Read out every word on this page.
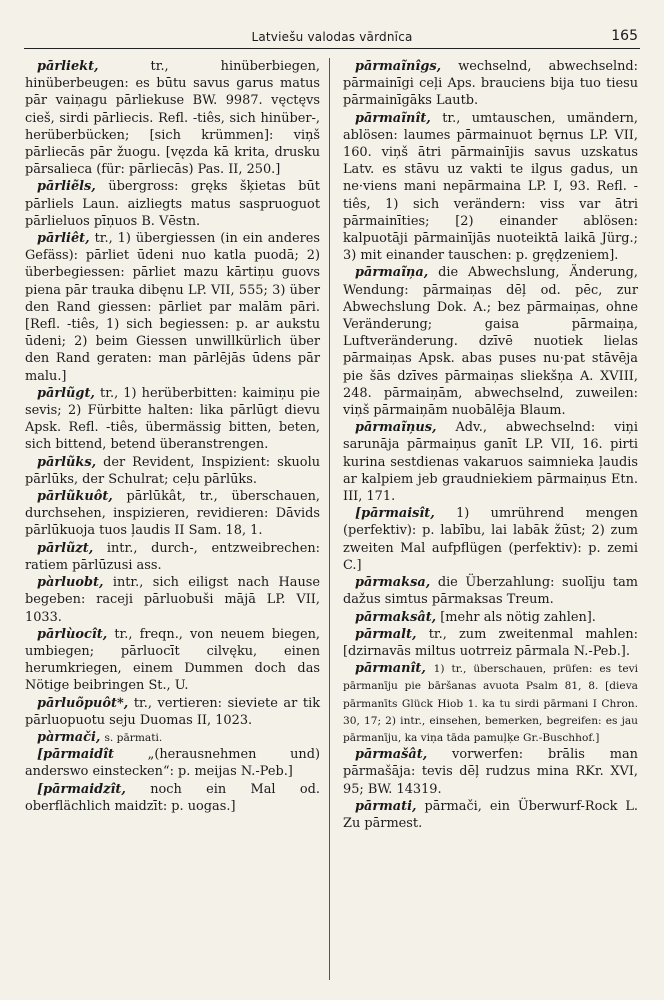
Latviešu valodas vārdnīca	165

pārliekt,	tr., hinüberbiegen, hinüberbeugen: es būtu savus garus matus pār vaiņagu pārliekuse BW. 9987. vęctęvs cieš, sirdi pārliecis. Refl. -tiês, sich hinüber-, herüberbücken; [sich krümmen]: viņš pārliecās pār žuogu. [vęzda kā krita, drusku pārsalieca (für: pārliecās) Pas. II, 250.]

pārliẽls, übergross: gręks šķietas būt pārliels Laun. aizliegts matus saspruoguot pārlieluos pīņuos B. Vēstn.

pārliêt, tr., 1) übergiessen (in ein anderes Gefäss): pārliet ūdeni nuo katla puodā; 2) überbegiessen: pārliet mazu kārtiņu guovs piena pār trauka dibęnu LP. VII, 555; 3) über den Rand giessen: pārliet par malām pāri. [Refl. -tiês, 1) sich begiessen: p. ar aukstu ūdeni; 2) beim Giessen unwillkürlich über den Rand geraten: man pārlējās ūdens pār malu.]

pārlũgt, tr., 1) herüberbitten: kaimiņu pie sevis; 2) Fürbitte halten: lika pārlūgt dievu Apsk. Refl. -tiês, übermässig bitten, beten, sich bittend, betend überanstrengen.

pārlũks, der Revident, Inspizient: skuolu pārlūks, der Schulrat; ceļu pārlūks.

pārlũkuôt, pārlūkât, tr., überschauen, durchsehen, inspizieren, revidieren: Dāvids pārlūkuoja tuos ļaudis II Sam. 18, 1.

pārlũzt, intr., durch-, entzweibrechen: ratiem pārlūzusi ass.

pàrluobt, intr., sich eiligst nach Hause begeben: raceji pārluobuši mājā LP. VII, 1033.

pārlùocît, tr., freqn., von neuem biegen, umbiegen; pārluocīt cilvęku, einen herumkriegen, einem Dummen doch das Nötige beibringen St., U.

pārluõpuôt*, tr., vertieren: sieviete ar tik pārluopuotu seju Duomas II, 1023.

pàrmači, s. pārmati.

[pārmaidît	„(herausnehmen und) anderswo einstecken“: p. meijas N.-Peb.]

[pārmaidzît, noch ein Mal od. oberflächlich maidzīt: p. uogas.]

pārmaĩnîgs, wechselnd, abwechselnd: pārmainīgi ceļi Aps. brauciens bija tuo tiesu pārmainīgāks Lautb.

pārmaĩnît, tr., umtauschen, umändern, ablösen: laumes pārmainuot bęrnus LP. VII, 160. viņš ātri pārmainījis savus uzskatus Latv. es stāvu uz vakti te ilgus gadus, un ne·viens mani nepārmaina LP. I, 93. Refl. -tiês, 1) sich verändern: viss var ātri pārmainīties; [2) einander ablösen: kalpuotāji pārmainījās nuoteiktā laikā Jürg.; 3) mit einander tauschen: p. gręd̦zeniem].

pārmaĩņa, die Abwechslung, Änderung, Wendung: pārmaiņas dēļ od. pēc, zur Abwechslung Dok. A.; bez pārmaiņas, ohne Veränderung; gaisa pārmaiņa, Luftveränderung. dzīvē nuotiek lielas pārmaiņas Apsk. abas puses nu·pat stāvēja pie šās dzīves pārmaiņas sliekšņa A. XVIII, 248. pārmaiņām, abwechselnd, zuweilen: viņš pārmaiņām nuobālēja Blaum.

pārmaĩņus, Adv., abwechselnd: viņi sarunāja pārmaiņus ganīt LP. VII, 16. pirti kurina sestdienas vakaruos saimnieka ļaudis ar kalpiem jeb graudniekiem pārmaiņus Etn. III, 171.

[pārmaisît, 1) umrührend mengen (perfektiv): p. labību, lai labāk žūst; 2) zum zweiten Mal aufpflügen (perfektiv): p. zemi C.]

pārmaksa, die Überzahlung: suolīju tam dažus simtus pārmaksas Treum.

pārmaksât, [mehr als nötig zahlen].

pārmalt, tr., zum zweitenmal mahlen: [dzirnavās miltus uotrreiz pārmala N.-Peb.].

pārmanît, 1) tr., überschauen, prüfen: es tevi pārmanīju pie bāršanas avuota Psalm 81, 8. [dieva pārmanīts Glück Hiob 1. ka tu sirdi pārmani I Chron. 30, 17; 2) intr., einsehen, bemerken, begreifen: es jau pārmanīju, ka viņa tāda pamuļķe Gr.-Buschhof.]

pārmašât, vorwerfen: brālis man pārmašāja: tevis dēļ rudzus mina RKr. XVI, 95; BW. 14319.

pārmati, pārmači, ein Überwurf-Rock L. Zu pārmest.
